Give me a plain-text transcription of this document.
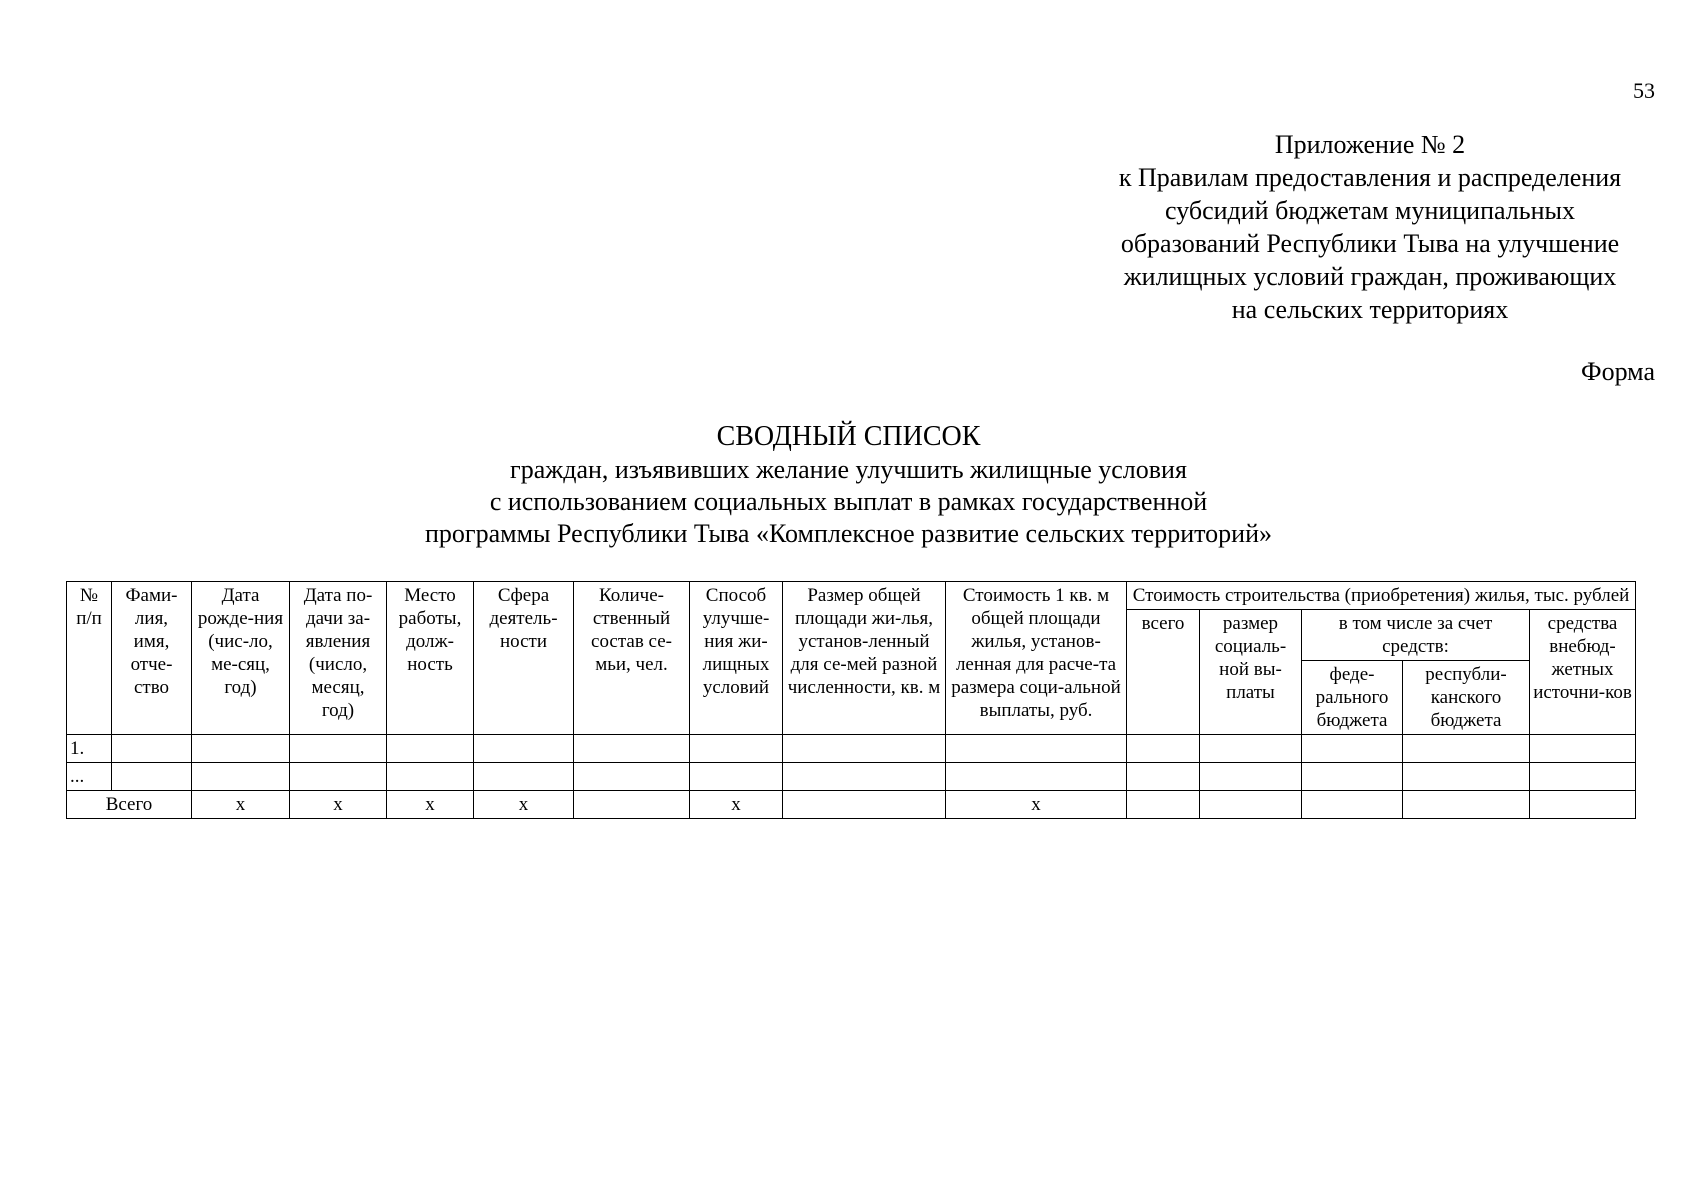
53
Приложение № 2
к Правилам предоставления и распределения
субсидий бюджетам муниципальных
образований Республики Тыва на улучшение
жилищных условий граждан, проживающих
на сельских территориях
Форма
СВОДНЫЙ СПИСОК
граждан, изъявивших желание улучшить жилищные условия
с использованием социальных выплат в рамках государственной
программы Республики Тыва «Комплексное развитие сельских территорий»
№ п/п	Фами-лия, имя, отче-ство	Дата рожде-ния (чис-ло, ме-сяц, год)	Дата по-дачи за-явления (число, месяц, год)	Место работы, долж-ность	Сфера деятель-ности	Количе-ственный состав се-мьи, чел.	Способ улучше-ния жи-лищных условий	Размер общей площади жи-лья, установ-ленный для се-мей разной численности, кв. м	Стоимость 1 кв. м общей площади жилья, установ-ленная для расче-та размера соци-альной выплаты, руб.	Стоимость строительства (приобретения) жилья, тыс. рублей				
										всего	размер социаль-ной вы-платы	в том числе за счет средств:		средства внебюд-жетных источни-ков
												феде-рального бюджета	республи-канского бюджета	
1.														
...														
Всего		x	x	x	x		x		x					
